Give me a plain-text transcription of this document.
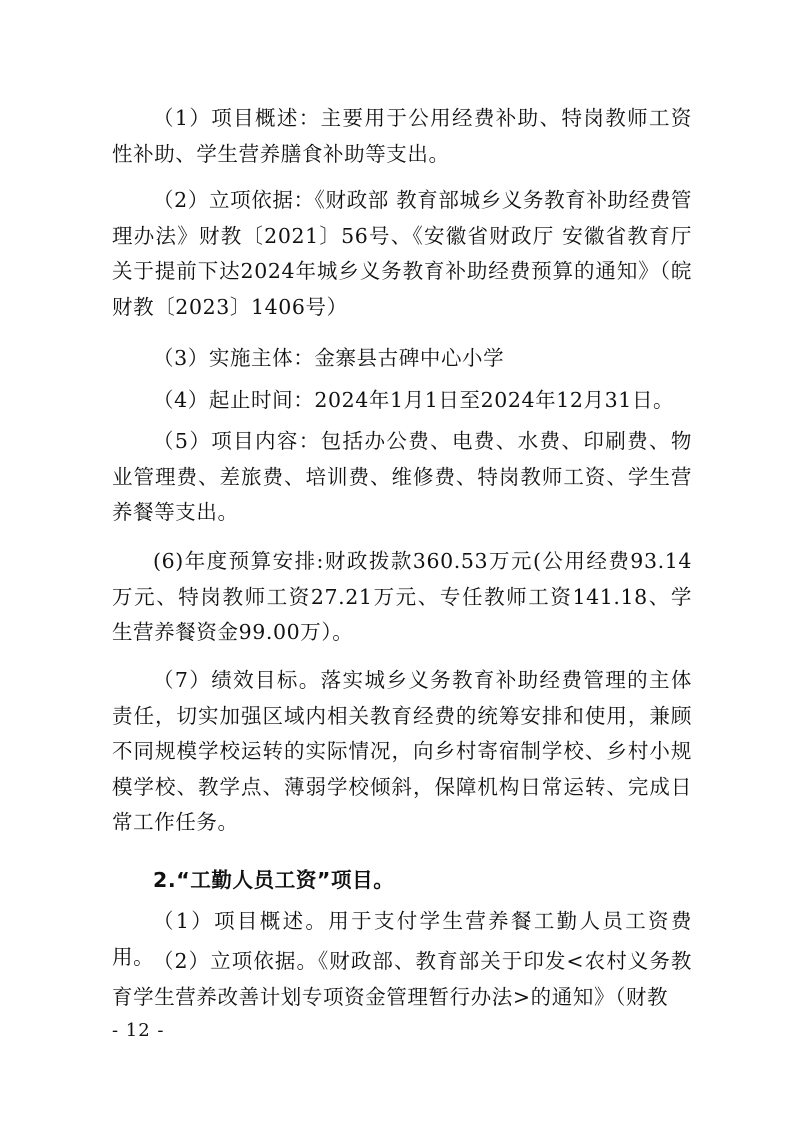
（1）项目概述：主要用于公用经费补助、特岗教师工资性补助、学生营养膳食补助等支出。

（2）立项依据：《财政部 教育部城乡义务教育补助经费管理办法》财教〔2021〕56号、《安徽省财政厅 安徽省教育厅关于提前下达2024年城乡义务教育补助经费预算的通知》（皖财教〔2023〕1406号）

（3）实施主体：金寨县古碑中心小学

（4）起止时间：2024年1月1日至2024年12月31日。

（5）项目内容：包括办公费、电费、水费、印刷费、物业管理费、差旅费、培训费、维修费、特岗教师工资、学生营养餐等支出。

(6)年度预算安排:财政拨款360.53万元(公用经费93.14万元、特岗教师工资27.21万元、专任教师工资141.18、学生营养餐资金99.00万）。

（7）绩效目标。落实城乡义务教育补助经费管理的主体责任，切实加强区域内相关教育经费的统筹安排和使用，兼顾不同规模学校运转的实际情况，向乡村寄宿制学校、乡村小规模学校、教学点、薄弱学校倾斜，保障机构日常运转、完成日常工作任务。

2.“工勤人员工资”项目。

（1）项目概述。用于支付学生营养餐工勤人员工资费用。

（2）立项依据。《财政部、教育部关于印发<农村义务教育学生营养改善计划专项资金管理暂行办法>的通知》（财教

- 12 -
